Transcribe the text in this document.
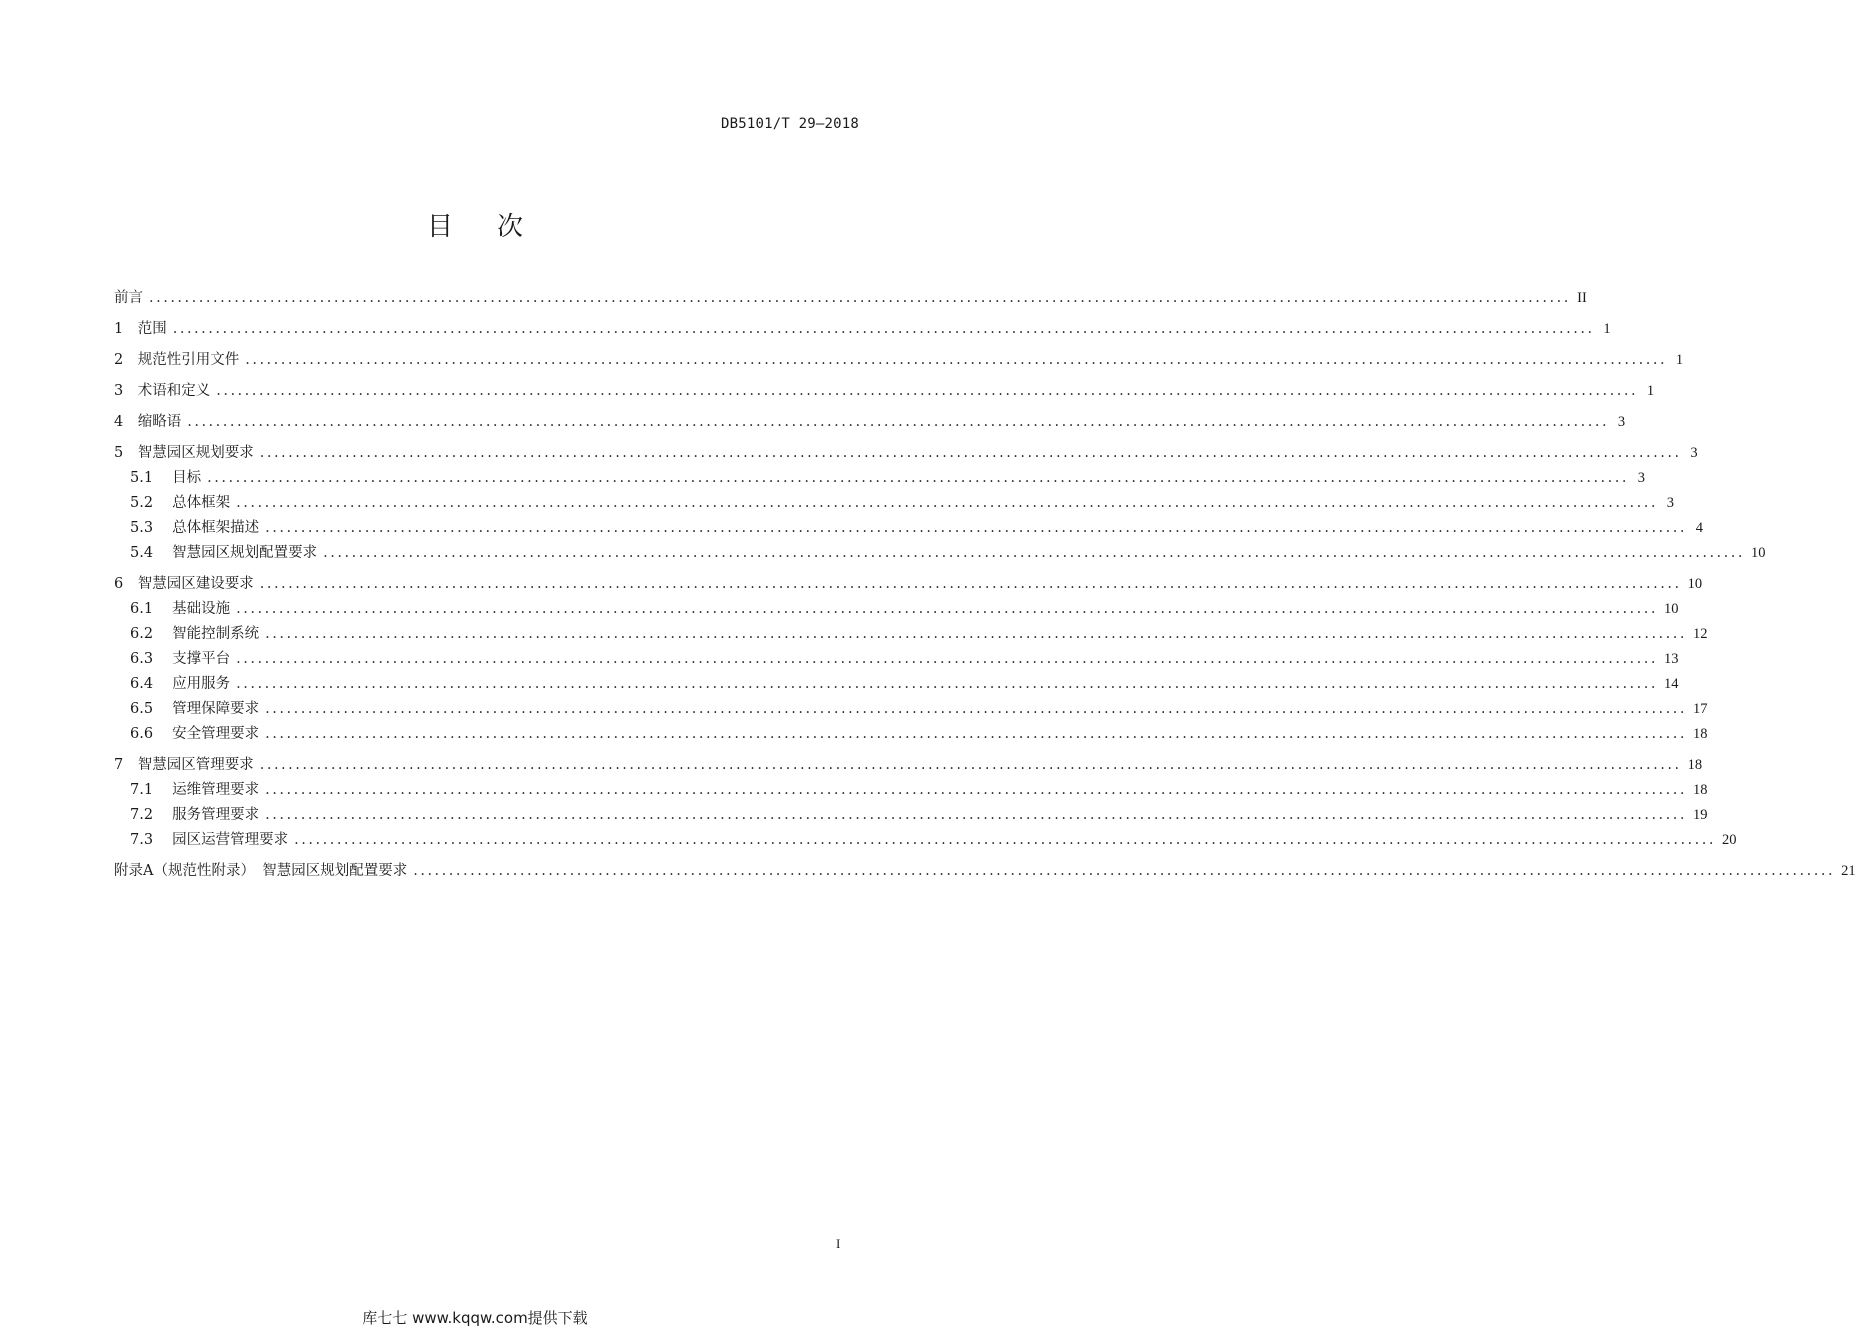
DB5101/T 29—2018
目次
前言 ........................................................................................................................................................................................................ II
1　 范围 ........................................................................................................................................................................................................ 1
2　 规范性引用文件 ........................................................................................................................................................................................................ 1
3　 术语和定义 ........................................................................................................................................................................................................ 1
4　 缩略语 ........................................................................................................................................................................................................ 3
5　 智慧园区规划要求 ........................................................................................................................................................................................................ 3
5.1　 目标 ........................................................................................................................................................................................................ 3
5.2　 总体框架 ........................................................................................................................................................................................................ 3
5.3　 总体框架描述 ........................................................................................................................................................................................................ 4
5.4　 智慧园区规划配置要求 ........................................................................................................................................................................................................ 10
6　 智慧园区建设要求 ........................................................................................................................................................................................................ 10
6.1　 基础设施 ........................................................................................................................................................................................................ 10
6.2　 智能控制系统 ........................................................................................................................................................................................................ 12
6.3　 支撑平台 ........................................................................................................................................................................................................ 13
6.4　 应用服务 ........................................................................................................................................................................................................ 14
6.5　 管理保障要求 ........................................................................................................................................................................................................ 17
6.6　 安全管理要求 ........................................................................................................................................................................................................ 18
7　 智慧园区管理要求 ........................................................................................................................................................................................................ 18
7.1　 运维管理要求 ........................................................................................................................................................................................................ 18
7.2　 服务管理要求 ........................................................................................................................................................................................................ 19
7.3　 园区运营管理要求 ........................................................................................................................................................................................................ 20
附录A（规范性附录）　智慧园区规划配置要求 ........................................................................................................................................................................................................ 21
I
库七七 www.kqqw.com提供下载
